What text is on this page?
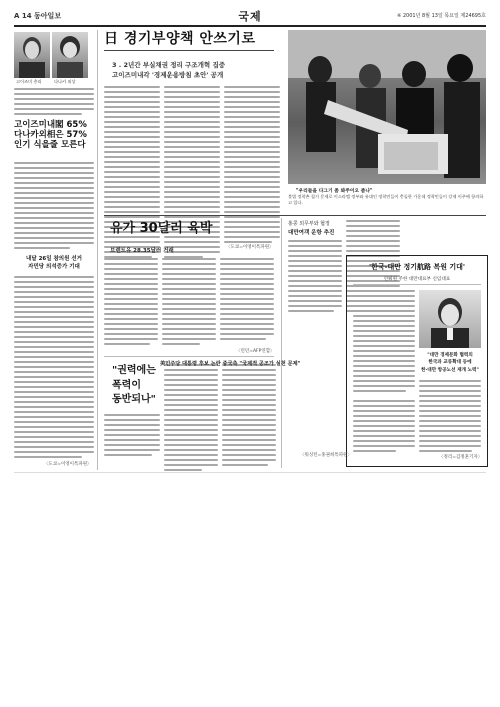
A 14 동아일보	국제	※ 2001년 8월 13일 목요일 제24695호
고이즈미 총리	다나카 외상
고이즈미내閣 65%
다나카외相은 57%
인기 식을줄 모른다
내달 26일 참의원 선거
자민당 의석증가 기대
〈도쿄=이영이특파원〉
日 경기부양책 안쓰기로
3 . 2년간 부실채권 정리 구조개혁 집중
고이즈미내각 '경제운용방침 초안' 공개
〈도쿄=이영이특파원〉
"우리들을 다그기 좀 봐주이오 좀나"
불법 정착촌 철거 문제로 이스라엘 정부와 유대인 정착민들이 충돌한 가운데 정착민들이 강제 이주에 항의하고 있다.
유가 30달러 육박
브렌트유 28.35달러 거래
〈런던=AFP연합〉
"권력에는
폭력이
동반되나"
홍콩 외무부와 협정
대만여객 운항 추진
'한국-대만 정기航路 복원 기대'
린뤄원 주한 대만대표부 신임대표
"대만 경제문화 협력의
한국과 교류확대 등에
한·대만 항공노선 재개 노력"
〈정리=김정훈기자〉
美민주당 대통령 후보 논란 중국측 "국제적 공조가 실천 문제"
〈워싱턴=홍권희특파원〉
